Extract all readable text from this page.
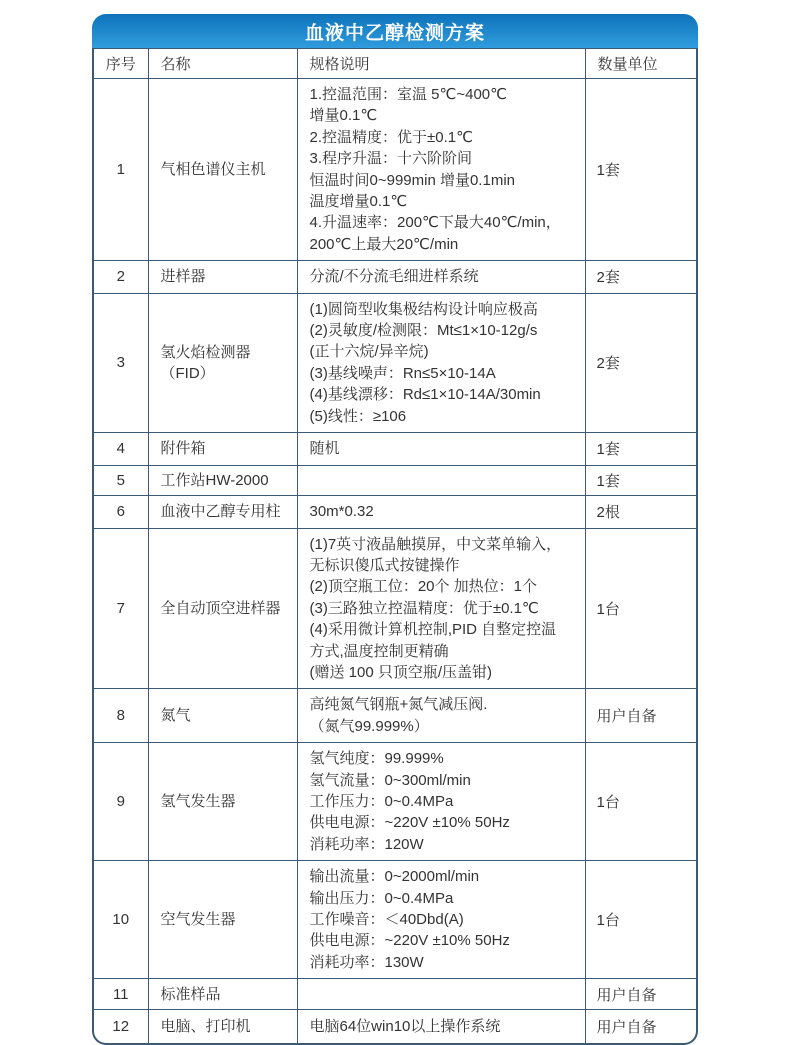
血液中乙醇检测方案
序号	名称	规格说明	数量单位
1	气相色谱仪主机	1.控温范围：室温 5℃~400℃
增量0.1℃
2.控温精度：优于±0.1℃
3.程序升温：十六阶阶间
恒温时间0~999min 增量0.1min
温度增量0.1℃
4.升温速率：200℃下最大40℃/min，
200℃上最大20℃/min	1套
2	进样器	分流/不分流毛细进样系统	2套
3	氢火焰检测器（FID）	(1)圆筒型收集极结构设计响应极高
(2)灵敏度/检测限：Mt≤1×10-12g/s
(正十六烷/异辛烷)
(3)基线噪声：Rn≤5×10-14A
(4)基线漂移：Rd≤1×10-14A/30min
(5)线性：≥106	2套
4	附件箱	随机	1套
5	工作站HW-2000		1套
6	血液中乙醇专用柱	30m*0.32	2根
7	全自动顶空进样器	(1)7英寸液晶触摸屏，中文菜单输入，
无标识傻瓜式按键操作
(2)顶空瓶工位：20个 加热位：1个
(3)三路独立控温精度：优于±0.1℃
(4)采用微计算机控制,PID 自整定控温
方式,温度控制更精确
(赠送 100 只顶空瓶/压盖钳)	1台
8	氮气	高纯氮气钢瓶+氮气减压阀.
（氮气99.999%）	用户自备
9	氢气发生器	氢气纯度：99.999%
氢气流量：0~300ml/min
工作压力：0~0.4MPa
供电电源：~220V ±10% 50Hz
消耗功率：120W	1台
10	空气发生器	输出流量：0~2000ml/min
输出压力：0~0.4MPa
工作噪音：＜40Dbd(A)
供电电源：~220V ±10% 50Hz
消耗功率：130W	1台
11	标准样品		用户自备
12	电脑、打印机	电脑64位win10以上操作系统	用户自备
